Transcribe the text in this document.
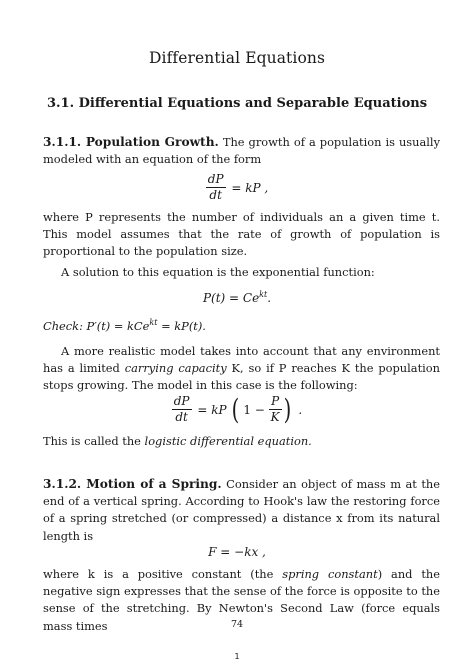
Differential Equations
3.1. Differential Equations and Separable Equations

3.1.1. Population Growth. The growth of a population is usually modeled with an equation of the form

$\frac{dP}{dt}$ = kP ,

where P represents the number of individuals an a given time t. This model assumes that the rate of growth of population is proportional to the population size.

A solution to this equation is the exponential function:

$P(t) = Ce^{kt}$.

Check: P′(t) = kCe$^{kt}$ = kP(t).

A more realistic model takes into account that any environment has a limited carrying capacity K, so if P reaches K the population stops growing. The model in this case is the following:

$\frac{dP}{dt}$ = kP ( $1 - \frac{P}{K}$ ) .

This is called the logistic differential equation.

3.1.2. Motion of a Spring. Consider an object of mass m at the end of a vertical spring. According to Hook's law the restoring force of a spring stretched (or compressed) a distance x from its natural length is

F = −kx ,

where k is a positive constant (the spring constant) and the negative sign expresses that the sense of the force is opposite to the sense of the stretching. By Newton's Second Law (force equals mass times	74
1
